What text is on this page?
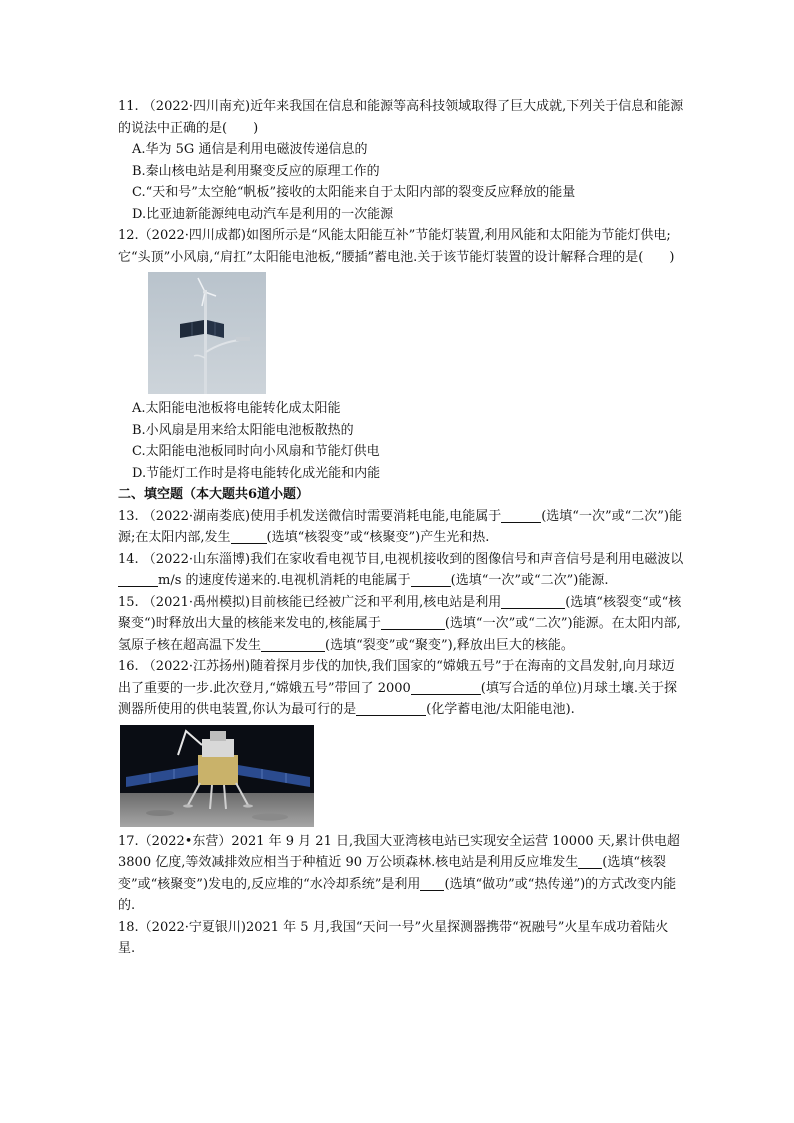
11. （2022·四川南充)近年来我国在信息和能源等高科技领域取得了巨大成就,下列关于信息和能源的说法中正确的是(　　)

A.华为 5G 通信是利用电磁波传递信息的

B.秦山核电站是利用聚变反应的原理工作的

C.“天和号”太空舱“帆板”接收的太阳能来自于太阳内部的裂变反应释放的能量

D.比亚迪新能源纯电动汽车是利用的一次能源

12.（2022·四川成都)如图所示是“风能太阳能互补”节能灯装置,利用风能和太阳能为节能灯供电;它“头顶”小风扇,“肩扛”太阳能电池板,“腰插”蓄电池.关于该节能灯装置的设计解释合理的是(　　)

A.太阳能电池板将电能转化成太阳能

B.小风扇是用来给太阳能电池板散热的

C.太阳能电池板同时向小风扇和节能灯供电

D.节能灯工作时是将电能转化成光能和内能

二、填空题（本大题共6道小题）

13. （2022·湖南娄底)使用手机发送微信时需要消耗电能,电能属于	(选填“一次”或“二次”)能源;在太阳内部,发生	(选填“核裂变”或“核聚变”)产生光和热.

14. （2022·山东淄博)我们在家收看电视节目,电视机接收到的图像信号和声音信号是利用电磁波以m/s 的速度传递来的.电视机消耗的电能属于	(选填“一次”或“二次”)能源.

15. （2021·禹州模拟)目前核能已经被广泛和平利用,核电站是利用	(选填“核裂变“或“核聚变“)时释放出大量的核能来发电的,核能属于	(选填“一次”或“二次”)能源。在太阳内部,氢原子核在超高温下发生	(选填“裂变”或“聚变”),释放出巨大的核能。

16. （2022·江苏扬州)随着探月步伐的加快,我们国家的“嫦娥五号”于在海南的文昌发射,向月球迈出了重要的一步.此次登月,“嫦娥五号”带回了 2000	(填写合适的单位)月球土壤.关于探测器所使用的供电装置,你认为最可行的是	(化学蓄电池/太阳能电池).

17.（2022•东营）2021 年 9 月 21 日,我国大亚湾核电站已实现安全运营 10000 天,累计供电超 3800 亿度,等效减排效应相当于种植近 90 万公顷森林.核电站是利用反应堆发生 (选填“核裂变”或“核聚变”)发电的,反应堆的“水冷却系统”是利用 (选填“做功”或“热传递”)的方式改变内能的.

18.（2022·宁夏银川)2021 年 5 月,我国“天问一号”火星探测器携带“祝融号”火星车成功着陆火星.
